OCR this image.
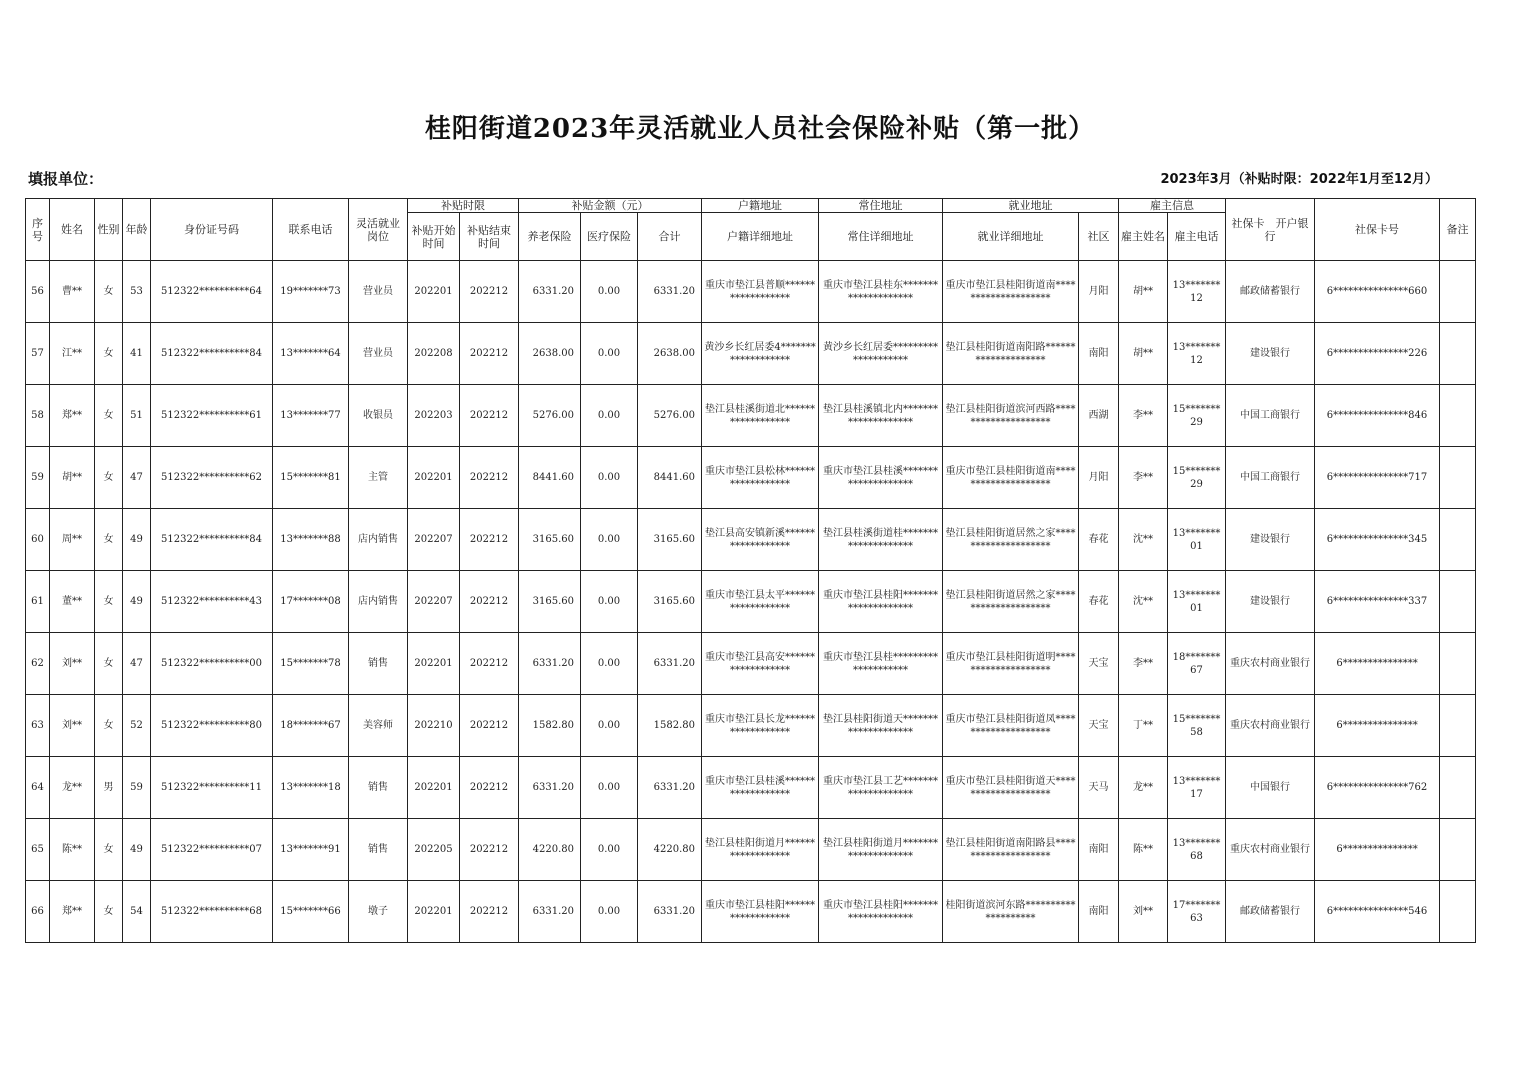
桂阳街道2023年灵活就业人员社会保险补贴（第一批）
填报单位：	2023年3月（补贴时限：2022年1月至12月）
序号	姓名	性别	年龄	身份证号码	联系电话	灵活就业岗位	补贴时限		补贴金额（元）			户籍地址	常住地址	就业地址		雇主信息		社保卡　开户银行	社保卡号	备注
							补贴开始时间	补贴结束时间	养老保险	医疗保险	合计	户籍详细地址	常住详细地址	就业详细地址	社区	雇主姓名	雇主电话			
56	曹**	女	53	512322**********64	19*******73	营业员	202201	202212	6331.20	0.00	6331.20	重庆市垫江县普顺******************	重庆市垫江县桂东********************	重庆市垫江县桂阳街道南********************	月阳	胡**	13*******12	邮政储蓄银行	6***************660	
57	江**	女	41	512322**********84	13*******64	营业员	202208	202212	2638.00	0.00	2638.00	黄沙乡长红居委4*******************	黄沙乡长红居委********************	垫江县桂阳街道南阳路********************	南阳	胡**	13*******12	建设银行	6***************226	
58	郑**	女	51	512322**********61	13*******77	收银员	202203	202212	5276.00	0.00	5276.00	垫江县桂溪街道北******************	垫江县桂溪镇北内********************	垫江县桂阳街道滨河西路********************	西湖	李**	15*******29	中国工商银行	6***************846	
59	胡**	女	47	512322**********62	15*******81	主管	202201	202212	8441.60	0.00	8441.60	重庆市垫江县松林******************	重庆市垫江县桂溪********************	重庆市垫江县桂阳街道南********************	月阳	李**	15*******29	中国工商银行	6***************717	
60	周**	女	49	512322**********84	13*******88	店内销售	202207	202212	3165.60	0.00	3165.60	垫江县高安镇新溪******************	垫江县桂溪街道桂********************	垫江县桂阳街道居然之家********************	春花	沈**	13*******01	建设银行	6***************345	
61	董**	女	49	512322**********43	17*******08	店内销售	202207	202212	3165.60	0.00	3165.60	重庆市垫江县太平******************	重庆市垫江县桂阳********************	垫江县桂阳街道居然之家********************	春花	沈**	13*******01	建设银行	6***************337	
62	刘**	女	47	512322**********00	15*******78	销售	202201	202212	6331.20	0.00	6331.20	重庆市垫江县高安******************	重庆市垫江县桂********************	重庆市垫江县桂阳街道明********************	天宝	李**	18*******67	重庆农村商业银行	6***************	
63	刘**	女	52	512322**********80	18*******67	美容师	202210	202212	1582.80	0.00	1582.80	重庆市垫江县长龙******************	垫江县桂阳街道天********************	重庆市垫江县桂阳街道凤********************	天宝	丁**	15*******58	重庆农村商业银行	6***************	
64	龙**	男	59	512322**********11	13*******18	销售	202201	202212	6331.20	0.00	6331.20	重庆市垫江县桂溪******************	重庆市垫江县工艺********************	重庆市垫江县桂阳街道天********************	天马	龙**	13*******17	中国银行	6***************762	
65	陈**	女	49	512322**********07	13*******91	销售	202205	202212	4220.80	0.00	4220.80	垫江县桂阳街道月******************	垫江县桂阳街道月********************	垫江县桂阳街道南阳路县********************	南阳	陈**	13*******68	重庆农村商业银行	6***************	
66	郑**	女	54	512322**********68	15*******66	墩子	202201	202212	6331.20	0.00	6331.20	重庆市垫江县桂阳******************	重庆市垫江县桂阳********************	桂阳街道滨河东路********************	南阳	刘**	17*******63	邮政储蓄银行	6***************546	
